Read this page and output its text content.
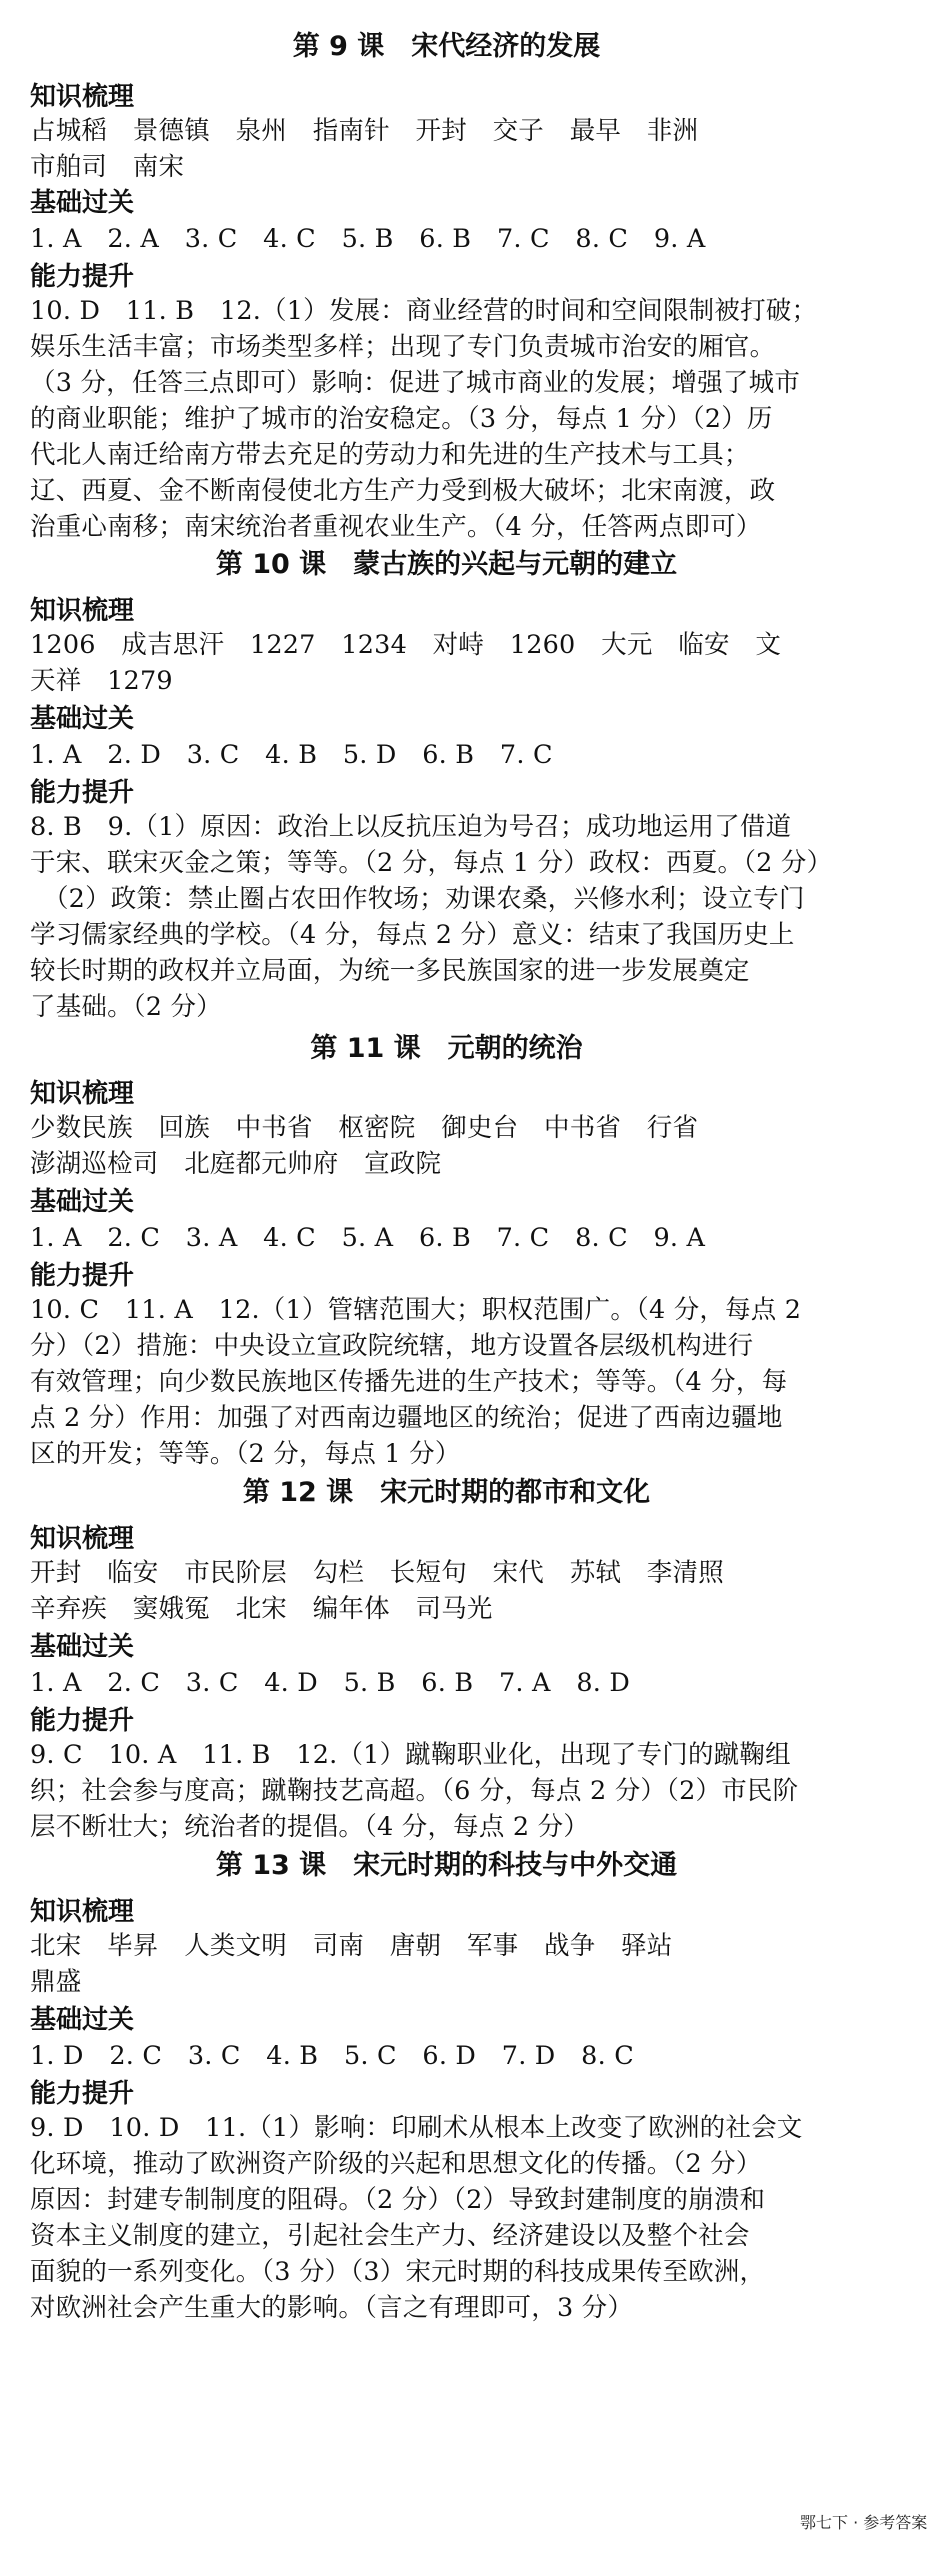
第 9 课　宋代经济的发展
知识梳理
占城稻　景德镇　泉州　指南针　开封　交子　最早　非洲
市舶司　南宋
基础过关
1. A　2. A　3. C　4. C　5. B　6. B　7. C　8. C　9. A
能力提升
10. D　11. B　12.（1）发展：商业经营的时间和空间限制被打破；
娱乐生活丰富；市场类型多样；出现了专门负责城市治安的厢官。
（3 分，任答三点即可）影响：促进了城市商业的发展；增强了城市
的商业职能；维护了城市的治安稳定。（3 分，每点 1 分）（2）历
代北人南迁给南方带去充足的劳动力和先进的生产技术与工具；
辽、西夏、金不断南侵使北方生产力受到极大破坏；北宋南渡，政
治重心南移；南宋统治者重视农业生产。（4 分，任答两点即可）
第 10 课　蒙古族的兴起与元朝的建立
知识梳理
1206　成吉思汗　1227　1234　对峙　1260　大元　临安　文
天祥　1279
基础过关
1. A　2. D　3. C　4. B　5. D　6. B　7. C
能力提升
8. B　9.（1）原因：政治上以反抗压迫为号召；成功地运用了借道
于宋、联宋灭金之策；等等。（2 分，每点 1 分）政权：西夏。（2 分）
　（2）政策：禁止圈占农田作牧场；劝课农桑，兴修水利；设立专门
学习儒家经典的学校。（4 分，每点 2 分）意义：结束了我国历史上
较长时期的政权并立局面，为统一多民族国家的进一步发展奠定
了基础。（2 分）
第 11 课　元朝的统治
知识梳理
少数民族　回族　中书省　枢密院　御史台　中书省　行省
澎湖巡检司　北庭都元帅府　宣政院
基础过关
1. A　2. C　3. A　4. C　5. A　6. B　7. C　8. C　9. A
能力提升
10. C　11. A　12.（1）管辖范围大；职权范围广。（4 分，每点 2
分）（2）措施：中央设立宣政院统辖，地方设置各层级机构进行
有效管理；向少数民族地区传播先进的生产技术；等等。（4 分，每
点 2 分）作用：加强了对西南边疆地区的统治；促进了西南边疆地
区的开发；等等。（2 分，每点 1 分）
第 12 课　宋元时期的都市和文化
知识梳理
开封　临安　市民阶层　勾栏　长短句　宋代　苏轼　李清照
辛弃疾　窦娥冤　北宋　编年体　司马光
基础过关
1. A　2. C　3. C　4. D　5. B　6. B　7. A　8. D
能力提升
9. C　10. A　11. B　12.（1）蹴鞠职业化，出现了专门的蹴鞠组
织；社会参与度高；蹴鞠技艺高超。（6 分，每点 2 分）（2）市民阶
层不断壮大；统治者的提倡。（4 分，每点 2 分）
第 13 课　宋元时期的科技与中外交通
知识梳理
北宋　毕昇　人类文明　司南　唐朝　军事　战争　驿站
鼎盛
基础过关
1. D　2. C　3. C　4. B　5. C　6. D　7. D　8. C
能力提升
9. D　10. D　11.（1）影响：印刷术从根本上改变了欧洲的社会文
化环境，推动了欧洲资产阶级的兴起和思想文化的传播。（2 分）
原因：封建专制制度的阻碍。（2 分）（2）导致封建制度的崩溃和
资本主义制度的建立，引起社会生产力、经济建设以及整个社会
面貌的一系列变化。（3 分）（3）宋元时期的科技成果传至欧洲，
对欧洲社会产生重大的影响。（言之有理即可，3 分）
鄂七下 · 参考答案
